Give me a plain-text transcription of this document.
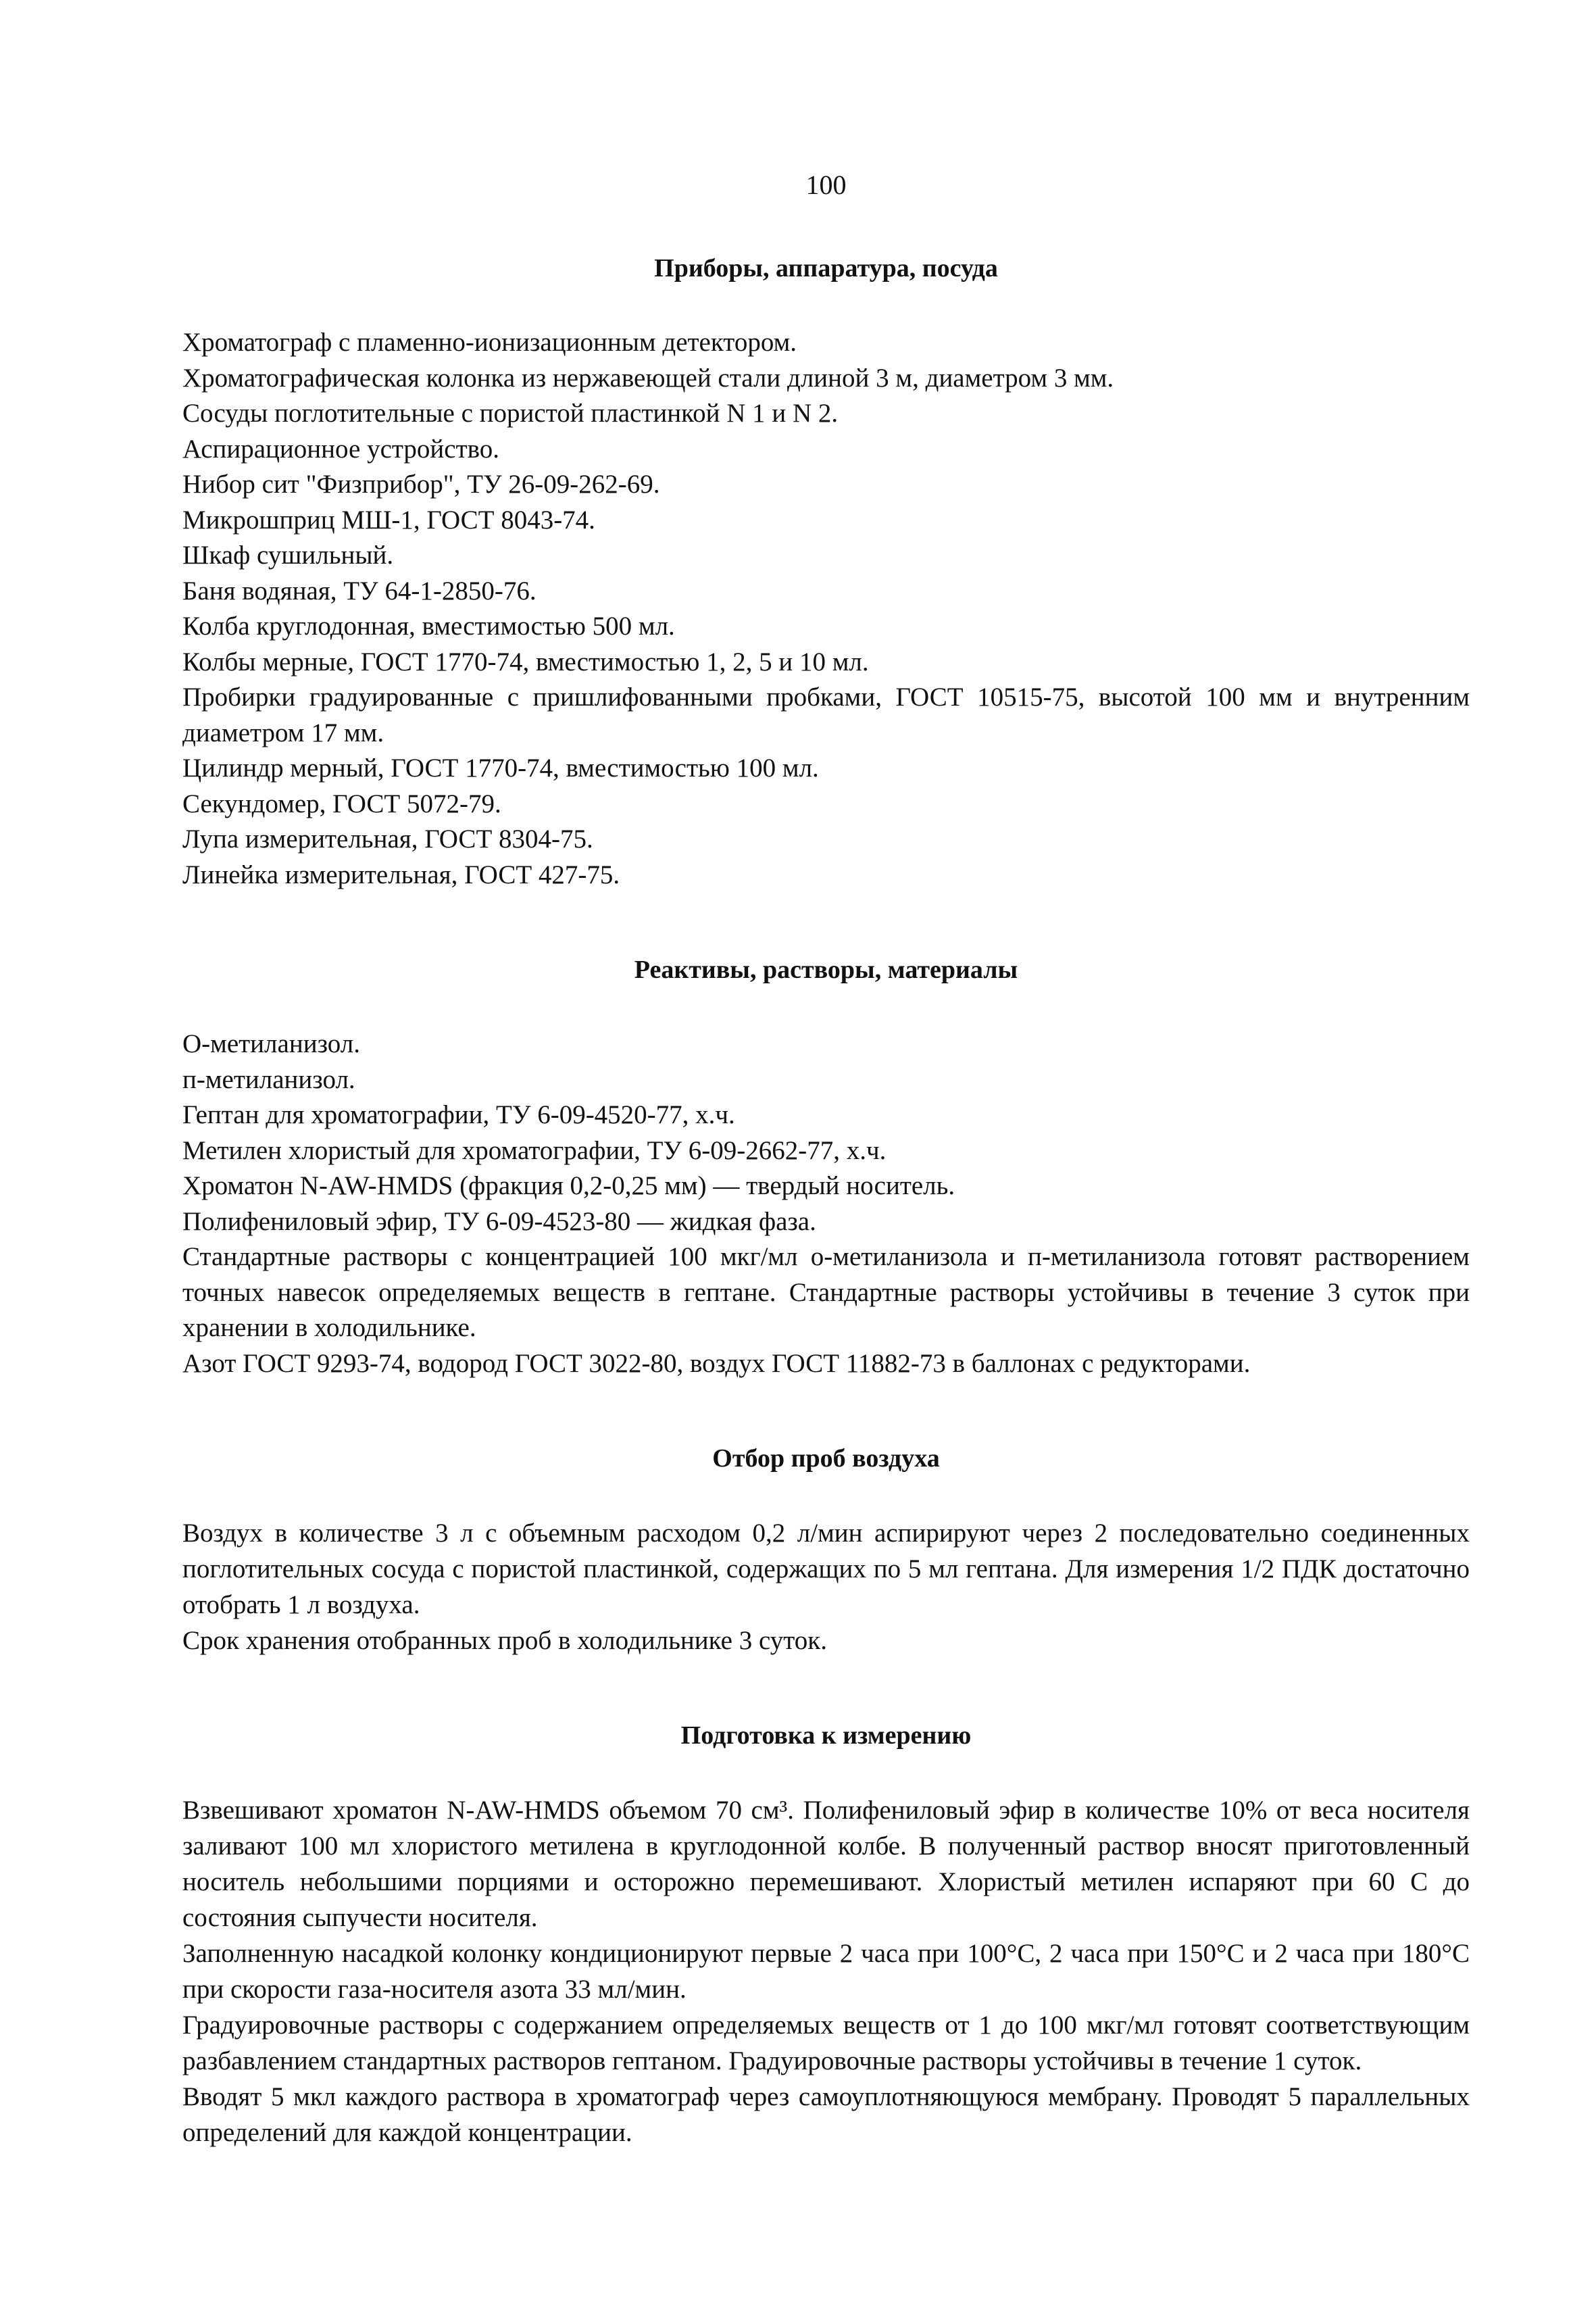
100
Приборы, аппаратура, посуда

Хроматограф с пламенно-ионизационным детектором.

Хроматографическая колонка из нержавеющей стали длиной 3 м, диаметром 3 мм.

Сосуды поглотительные с пористой пластинкой N 1 и N 2.

Аспирационное устройство.

Нибор сит "Физприбор", ТУ 26-09-262-69.

Микрошприц МШ-1, ГОСТ 8043-74.

Шкаф сушильный.

Баня водяная, ТУ 64-1-2850-76.

Колба круглодонная, вместимостью 500 мл.

Колбы мерные, ГОСТ 1770-74, вместимостью 1, 2, 5 и 10 мл.

Пробирки градуированные с пришлифованными пробками, ГОСТ 10515-75, высотой 100 мм и внутренним диаметром 17 мм.

Цилиндр мерный, ГОСТ 1770-74, вместимостью 100 мл.

Секундомер, ГОСТ 5072-79.

Лупа измерительная, ГОСТ 8304-75.

Линейка измерительная, ГОСТ 427-75.

Реактивы, растворы, материалы

О-метиланизол.

п-метиланизол.

Гептан для хроматографии, ТУ 6-09-4520-77, х.ч.

Метилен хлористый для хроматографии, ТУ 6-09-2662-77, х.ч.

Хроматон N-AW-HMDS (фракция 0,2-0,25 мм) — твердый носитель.

Полифениловый эфир, ТУ 6-09-4523-80 — жидкая фаза.

Стандартные растворы с концентрацией 100 мкг/мл о-метиланизола и п-метиланизола готовят растворением точных навесок определяемых веществ в гептане. Стандартные растворы устойчивы в течение 3 суток при хранении в холодильнике.

Азот ГОСТ 9293-74, водород ГОСТ 3022-80, воздух ГОСТ 11882-73 в баллонах с редукторами.

Отбор проб воздуха

Воздух в количестве 3 л с объемным расходом 0,2 л/мин аспирируют через 2 последовательно соединенных поглотительных сосуда с пористой пластинкой, содержащих по 5 мл гептана. Для измерения 1/2 ПДК достаточно отобрать 1 л воздуха.

Срок хранения отобранных проб в холодильнике 3 суток.

Подготовка к измерению

Взвешивают хроматон N-AW-HMDS объемом 70 см³. Полифениловый эфир в количестве 10% от веса носителя заливают 100 мл хлористого метилена в круглодонной колбе. В полученный раствор вносят приготовленный носитель небольшими порциями и осторожно перемешивают. Хлористый метилен испаряют при 60 С до состояния сыпучести носителя.

Заполненную насадкой колонку кондиционируют первые 2 часа при 100°С, 2 часа при 150°С и 2 часа при 180°С при скорости газа-носителя азота 33 мл/мин.

Градуировочные растворы с содержанием определяемых веществ от 1 до 100 мкг/мл готовят соответствующим разбавлением стандартных растворов гептаном. Градуировочные растворы устойчивы в течение 1 суток.

Вводят 5 мкл каждого раствора в хроматограф через самоуплотняющуюся мембрану. Проводят 5 параллельных определений для каждой концентрации.
